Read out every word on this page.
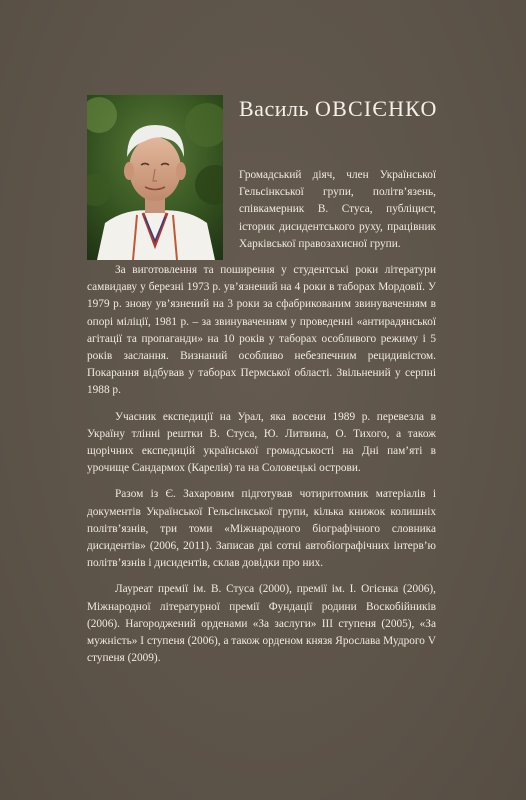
Василь ОВСІЄНКО
Громадський діяч, член Української Гельсінкської групи, політв’язень, співкамерник В. Стуса, публіцист, історик дисидентського руху, працівник Харківської правозахисної групи.

За виготовлення та поширення у студентські роки літератури самвидаву у березні 1973 р. ув’язнений на 4 роки в таборах Мордовії. У 1979 р. знову ув’язнений на 3 роки за сфабрикованим звинуваченням в опорі міліції, 1981 р. – за звинуваченням у проведенні «антирадянської агітації та пропаганди» на 10 років у таборах особливого режиму і 5 років заслання. Визнаний особливо небезпечним рецидивістом. Покарання відбував у таборах Пермської області. Звільнений у серпні 1988 р.

Учасник експедиції на Урал, яка восени 1989 р. перевезла в Україну тлінні рештки В. Стуса, Ю. Литвина, О. Тихого, а також щорічних експедицій української громадськості на Дні пам’яті в урочище Сандармох (Карелія) та на Соловецькі острови.

Разом із Є. Захаровим підготував чотиритомник матеріалів і документів Української Гельсінкської групи, кілька книжок колишніх політв’язнів, три томи «Міжнародного біографічного словника дисидентів» (2006, 2011). Записав дві сотні автобіографічних інтерв’ю політв’язнів і дисидентів, склав довідки про них.

Лауреат премії ім. В. Стуса (2000), премії ім. І. Огієнка (2006), Міжнародної літературної премії Фундації родини Воскобійників (2006). Нагороджений орденами «За заслуги» III ступеня (2005), «За мужність» I ступеня (2006), а також орденом князя Ярослава Мудрого V ступеня (2009).
